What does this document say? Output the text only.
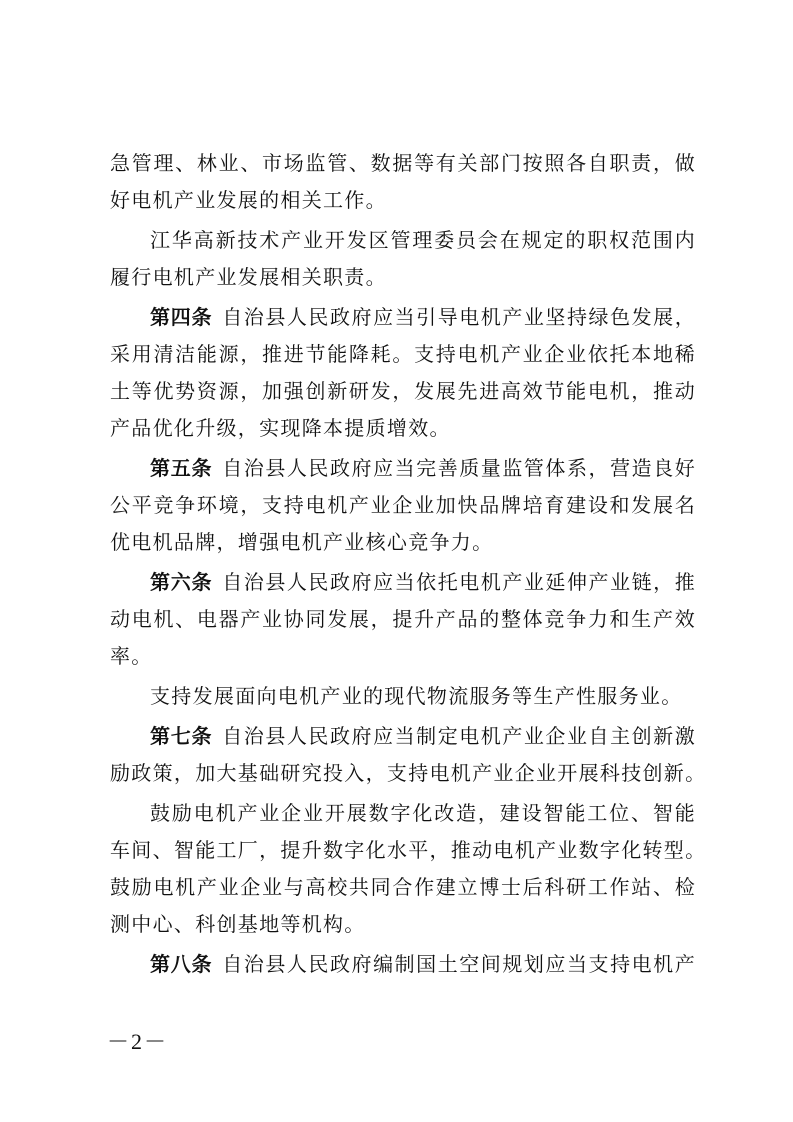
急管理、林业、市场监管、数据等有关部门按照各自职责，做
好电机产业发展的相关工作。
江华高新技术产业开发区管理委员会在规定的职权范围内
履行电机产业发展相关职责。
第四条 自治县人民政府应当引导电机产业坚持绿色发展，
采用清洁能源，推进节能降耗。支持电机产业企业依托本地稀
土等优势资源，加强创新研发，发展先进高效节能电机，推动
产品优化升级，实现降本提质增效。
第五条 自治县人民政府应当完善质量监管体系，营造良好
公平竞争环境，支持电机产业企业加快品牌培育建设和发展名
优电机品牌，增强电机产业核心竞争力。
第六条 自治县人民政府应当依托电机产业延伸产业链，推
动电机、电器产业协同发展，提升产品的整体竞争力和生产效
率。
支持发展面向电机产业的现代物流服务等生产性服务业。
第七条 自治县人民政府应当制定电机产业企业自主创新激
励政策，加大基础研究投入，支持电机产业企业开展科技创新。
鼓励电机产业企业开展数字化改造，建设智能工位、智能
车间、智能工厂，提升数字化水平，推动电机产业数字化转型。
鼓励电机产业企业与高校共同合作建立博士后科研工作站、检
测中心、科创基地等机构。
第八条 自治县人民政府编制国土空间规划应当支持电机产
－2－
